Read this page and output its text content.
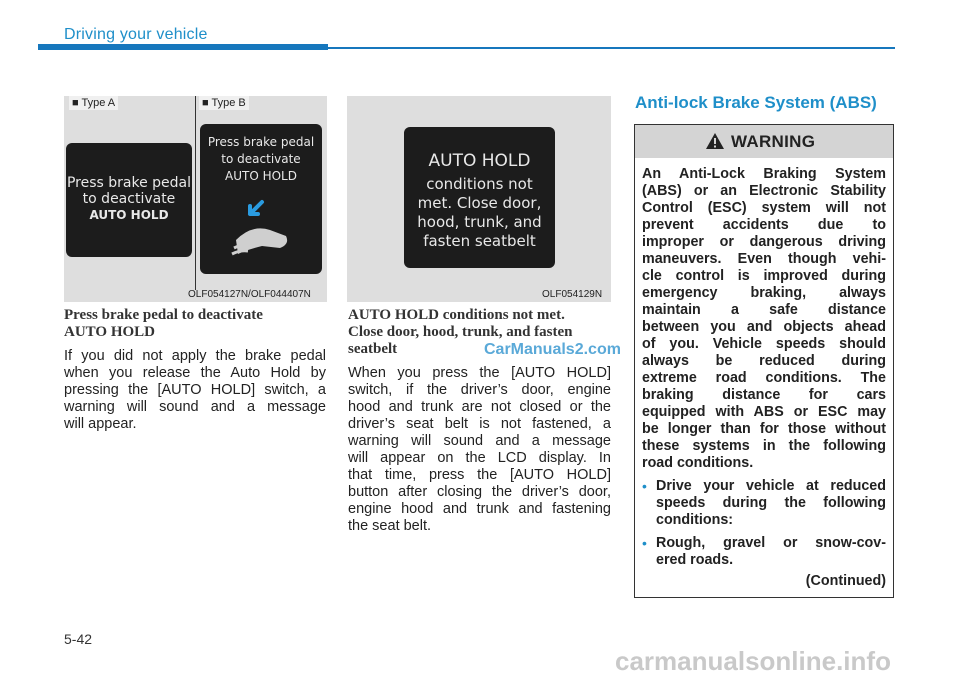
Driving your vehicle
■ Type A	■ Type B
Press brake pedal
to deactivate
AUTO HOLD
Press brake pedal
to deactivate
AUTO HOLD
OLF054127N/OLF044407N
AUTO HOLD
conditions not
met. Close door,
hood, trunk, and
fasten seatbelt
OLF054129N
Press brake pedal to deactivate
AUTO HOLD
If you did not apply the brake pedal
when you release the Auto Hold by
pressing the [AUTO HOLD] switch, a
warning will sound and a message
will appear.
AUTO HOLD conditions not met.
Close door, hood, trunk, and fasten
seatbelt
When you press the [AUTO HOLD]
switch, if the driver’s door, engine
hood and trunk are not closed or the
driver’s seat belt is not fastened, a
warning will sound and a message
will appear on the LCD display. In
that time, press the [AUTO HOLD]
button after closing the driver’s door,
engine hood and trunk and fastening
the seat belt.
CarManuals2.com
Anti-lock Brake System (ABS)
WARNING
An Anti-Lock Braking System
(ABS) or an Electronic Stability
Control (ESC) system will not
prevent accidents due to
improper or dangerous driving
maneuvers. Even though vehi-
cle control is improved during
emergency braking, always
maintain a safe distance
between you and objects ahead
of you. Vehicle speeds should
always be reduced during
extreme road conditions. The
braking distance for cars
equipped with ABS or ESC may
be longer than for those without
these systems in the following
road conditions.
• Drive your vehicle at reduced
speeds during the following
conditions:
• Rough, gravel or snow-cov-
ered roads.
(Continued)
5-42
carmanualsonline.info
